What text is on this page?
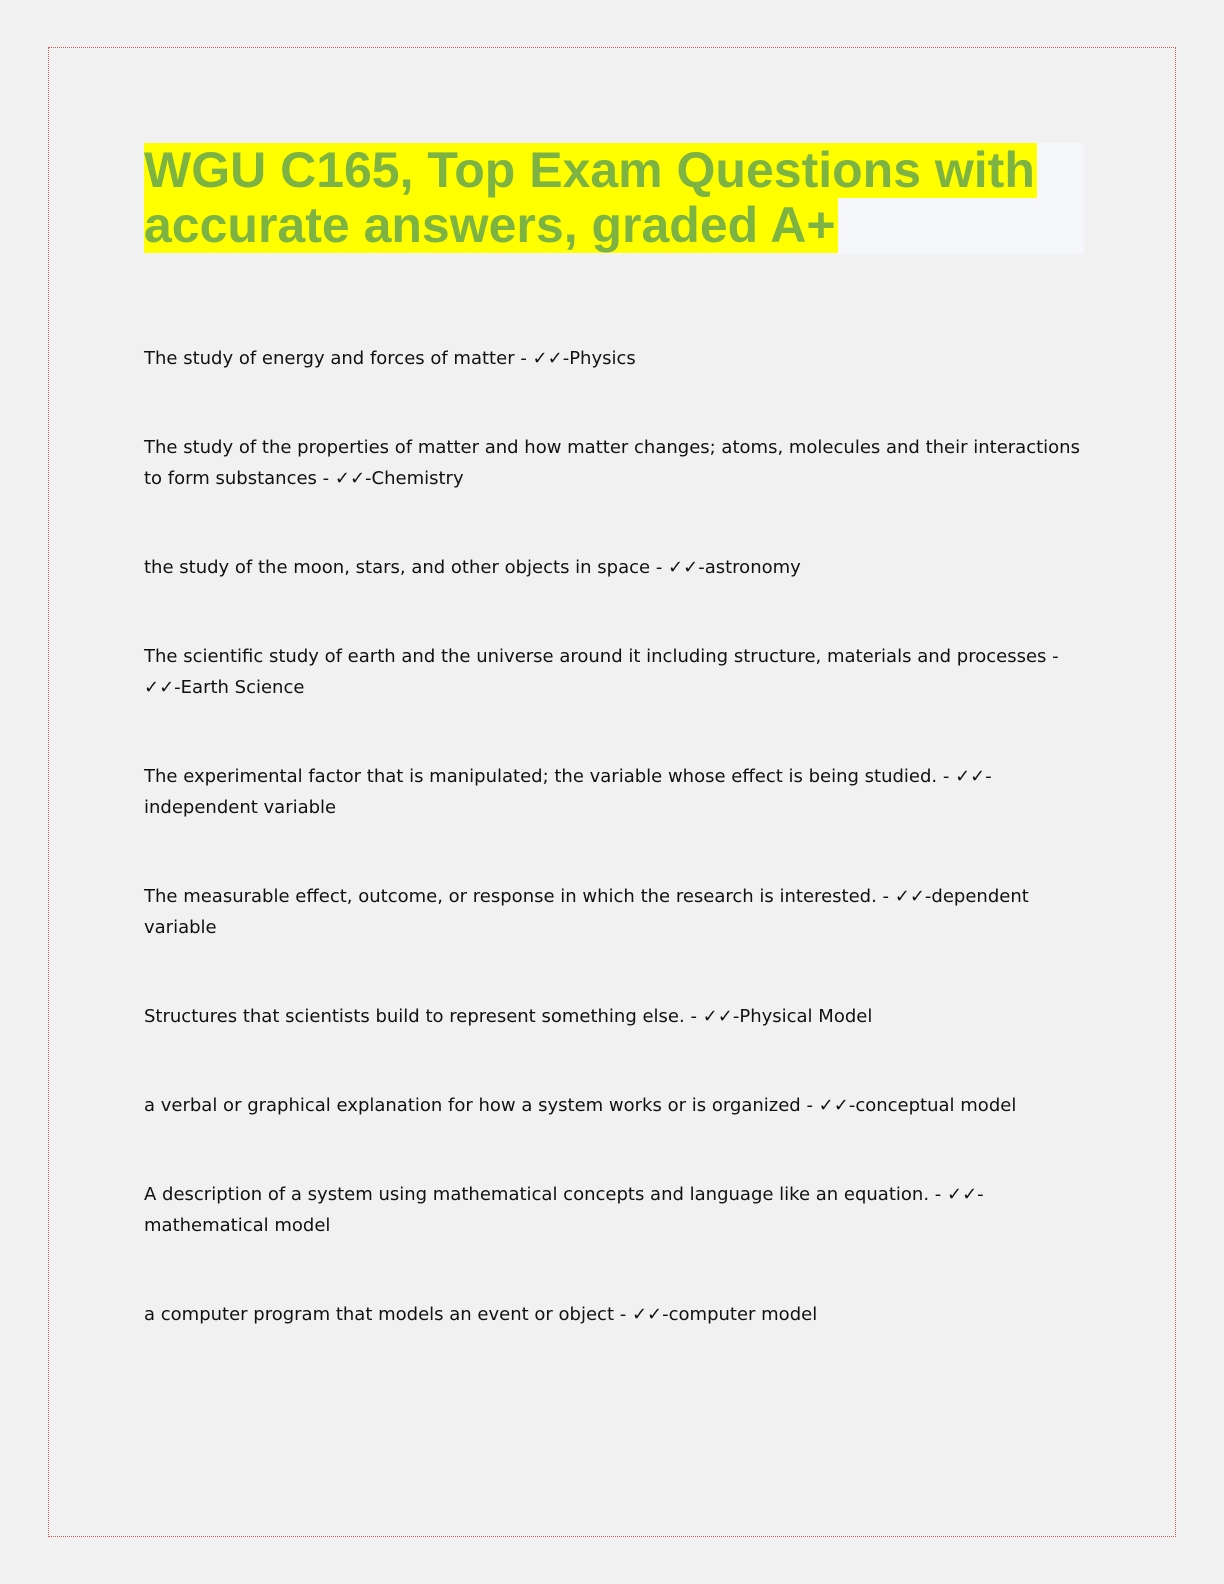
WGU C165, Top Exam Questions with
accurate answers, graded A+

The study of energy and forces of matter - ✓✓-Physics

The study of the properties of matter and how matter changes; atoms, molecules and their interactions to form substances - ✓✓-Chemistry

the study of the moon, stars, and other objects in space - ✓✓-astronomy

The scientific study of earth and the universe around it including structure, materials and processes - ✓✓-Earth Science

The experimental factor that is manipulated; the variable whose effect is being studied. - ✓✓-independent variable

The measurable effect, outcome, or response in which the research is interested. - ✓✓-dependent variable

Structures that scientists build to represent something else. - ✓✓-Physical Model

a verbal or graphical explanation for how a system works or is organized - ✓✓-conceptual model

A description of a system using mathematical concepts and language like an equation. - ✓✓-mathematical model

a computer program that models an event or object - ✓✓-computer model
